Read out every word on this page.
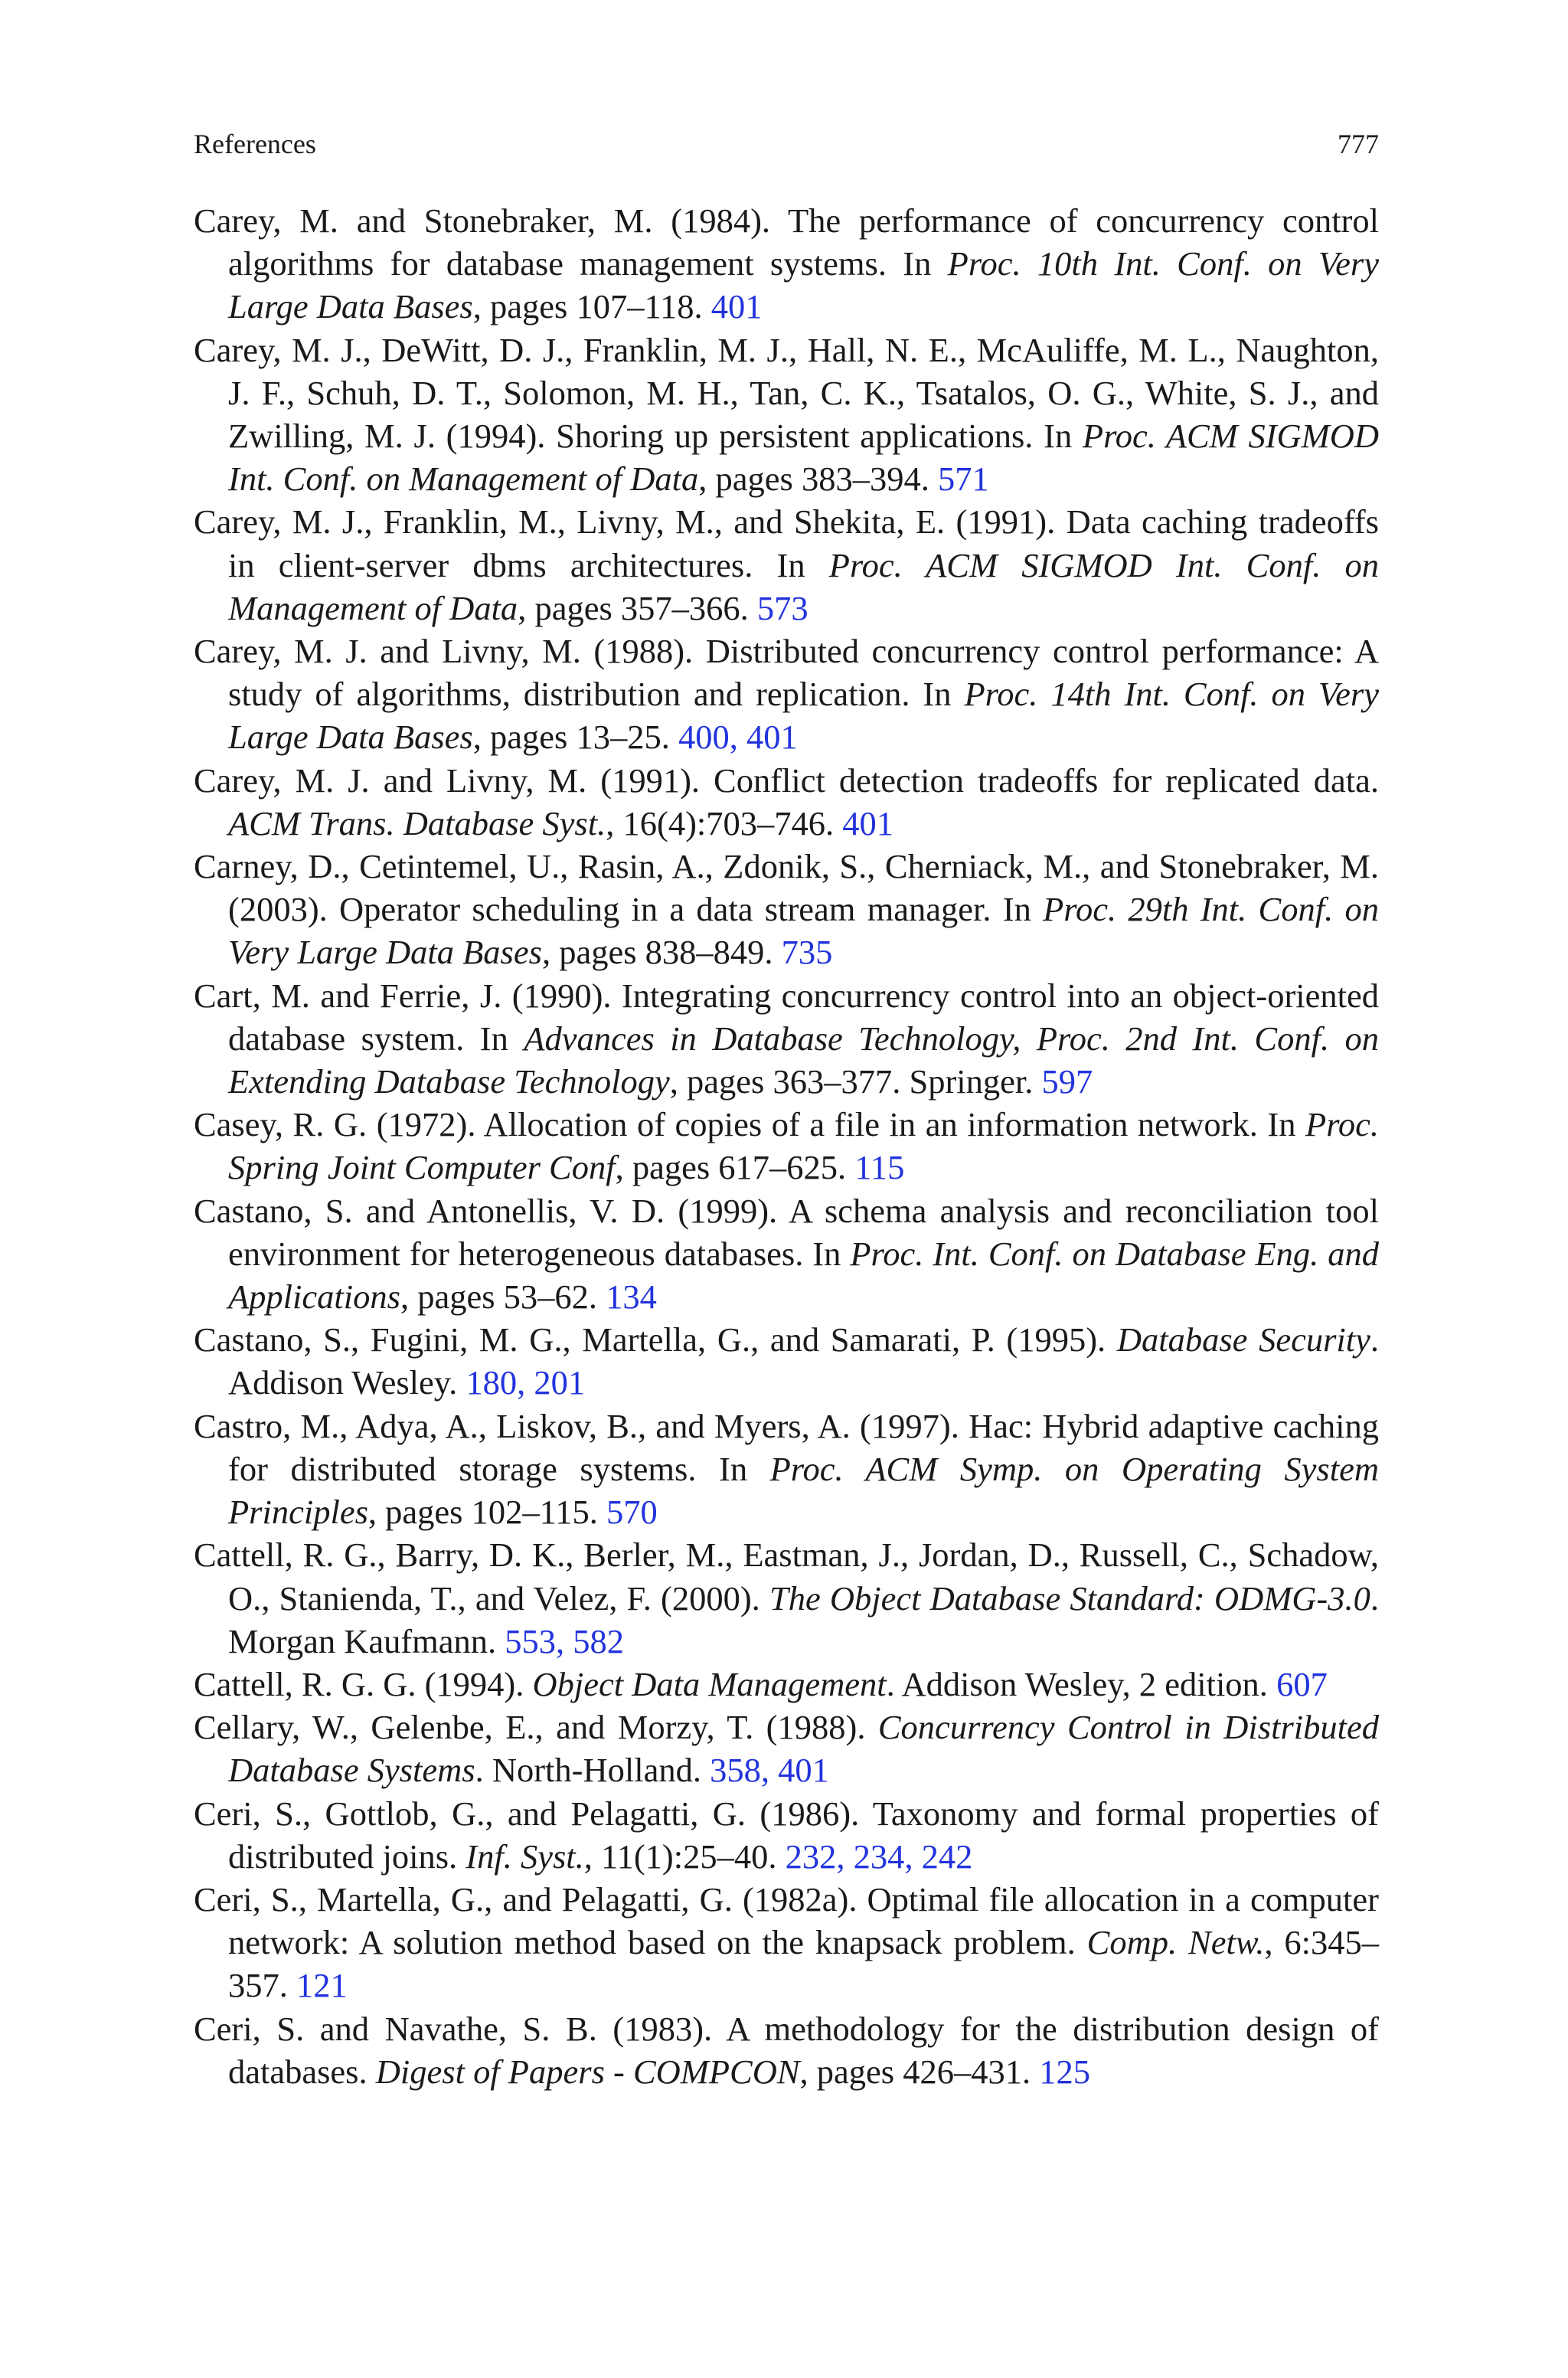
References	777
Carey, M. and Stonebraker, M. (1984). The performance of concurrency control algorithms for database management systems. In Proc. 10th Int. Conf. on Very Large Data Bases, pages 107–118. 401
Carey, M. J., DeWitt, D. J., Franklin, M. J., Hall, N. E., McAuliffe, M. L., Naughton, J. F., Schuh, D. T., Solomon, M. H., Tan, C. K., Tsatalos, O. G., White, S. J., and Zwilling, M. J. (1994). Shoring up persistent applications. In Proc. ACM SIGMOD Int. Conf. on Management of Data, pages 383–394. 571
Carey, M. J., Franklin, M., Livny, M., and Shekita, E. (1991). Data caching tradeoffs in client-server dbms architectures. In Proc. ACM SIGMOD Int. Conf. on Management of Data, pages 357–366. 573
Carey, M. J. and Livny, M. (1988). Distributed concurrency control performance: A study of algorithms, distribution and replication. In Proc. 14th Int. Conf. on Very Large Data Bases, pages 13–25. 400, 401
Carey, M. J. and Livny, M. (1991). Conflict detection tradeoffs for replicated data. ACM Trans. Database Syst., 16(4):703–746. 401
Carney, D., Cetintemel, U., Rasin, A., Zdonik, S., Cherniack, M., and Stonebraker, M. (2003). Operator scheduling in a data stream manager. In Proc. 29th Int. Conf. on Very Large Data Bases, pages 838–849. 735
Cart, M. and Ferrie, J. (1990). Integrating concurrency control into an object-oriented database system. In Advances in Database Technology, Proc. 2nd Int. Conf. on Extending Database Technology, pages 363–377. Springer. 597
Casey, R. G. (1972). Allocation of copies of a file in an information network. In Proc. Spring Joint Computer Conf, pages 617–625. 115
Castano, S. and Antonellis, V. D. (1999). A schema analysis and reconciliation tool environment for heterogeneous databases. In Proc. Int. Conf. on Database Eng. and Applications, pages 53–62. 134
Castano, S., Fugini, M. G., Martella, G., and Samarati, P. (1995). Database Security. Addison Wesley. 180, 201
Castro, M., Adya, A., Liskov, B., and Myers, A. (1997). Hac: Hybrid adaptive caching for distributed storage systems. In Proc. ACM Symp. on Operating System Principles, pages 102–115. 570
Cattell, R. G., Barry, D. K., Berler, M., Eastman, J., Jordan, D., Russell, C., Schadow, O., Stanienda, T., and Velez, F. (2000). The Object Database Standard: ODMG-3.0. Morgan Kaufmann. 553, 582
Cattell, R. G. G. (1994). Object Data Management. Addison Wesley, 2 edition. 607
Cellary, W., Gelenbe, E., and Morzy, T. (1988). Concurrency Control in Distributed Database Systems. North-Holland. 358, 401
Ceri, S., Gottlob, G., and Pelagatti, G. (1986). Taxonomy and formal properties of distributed joins. Inf. Syst., 11(1):25–40. 232, 234, 242
Ceri, S., Martella, G., and Pelagatti, G. (1982a). Optimal file allocation in a computer network: A solution method based on the knapsack problem. Comp. Netw., 6:345–357. 121
Ceri, S. and Navathe, S. B. (1983). A methodology for the distribution design of databases. Digest of Papers - COMPCON, pages 426–431. 125
